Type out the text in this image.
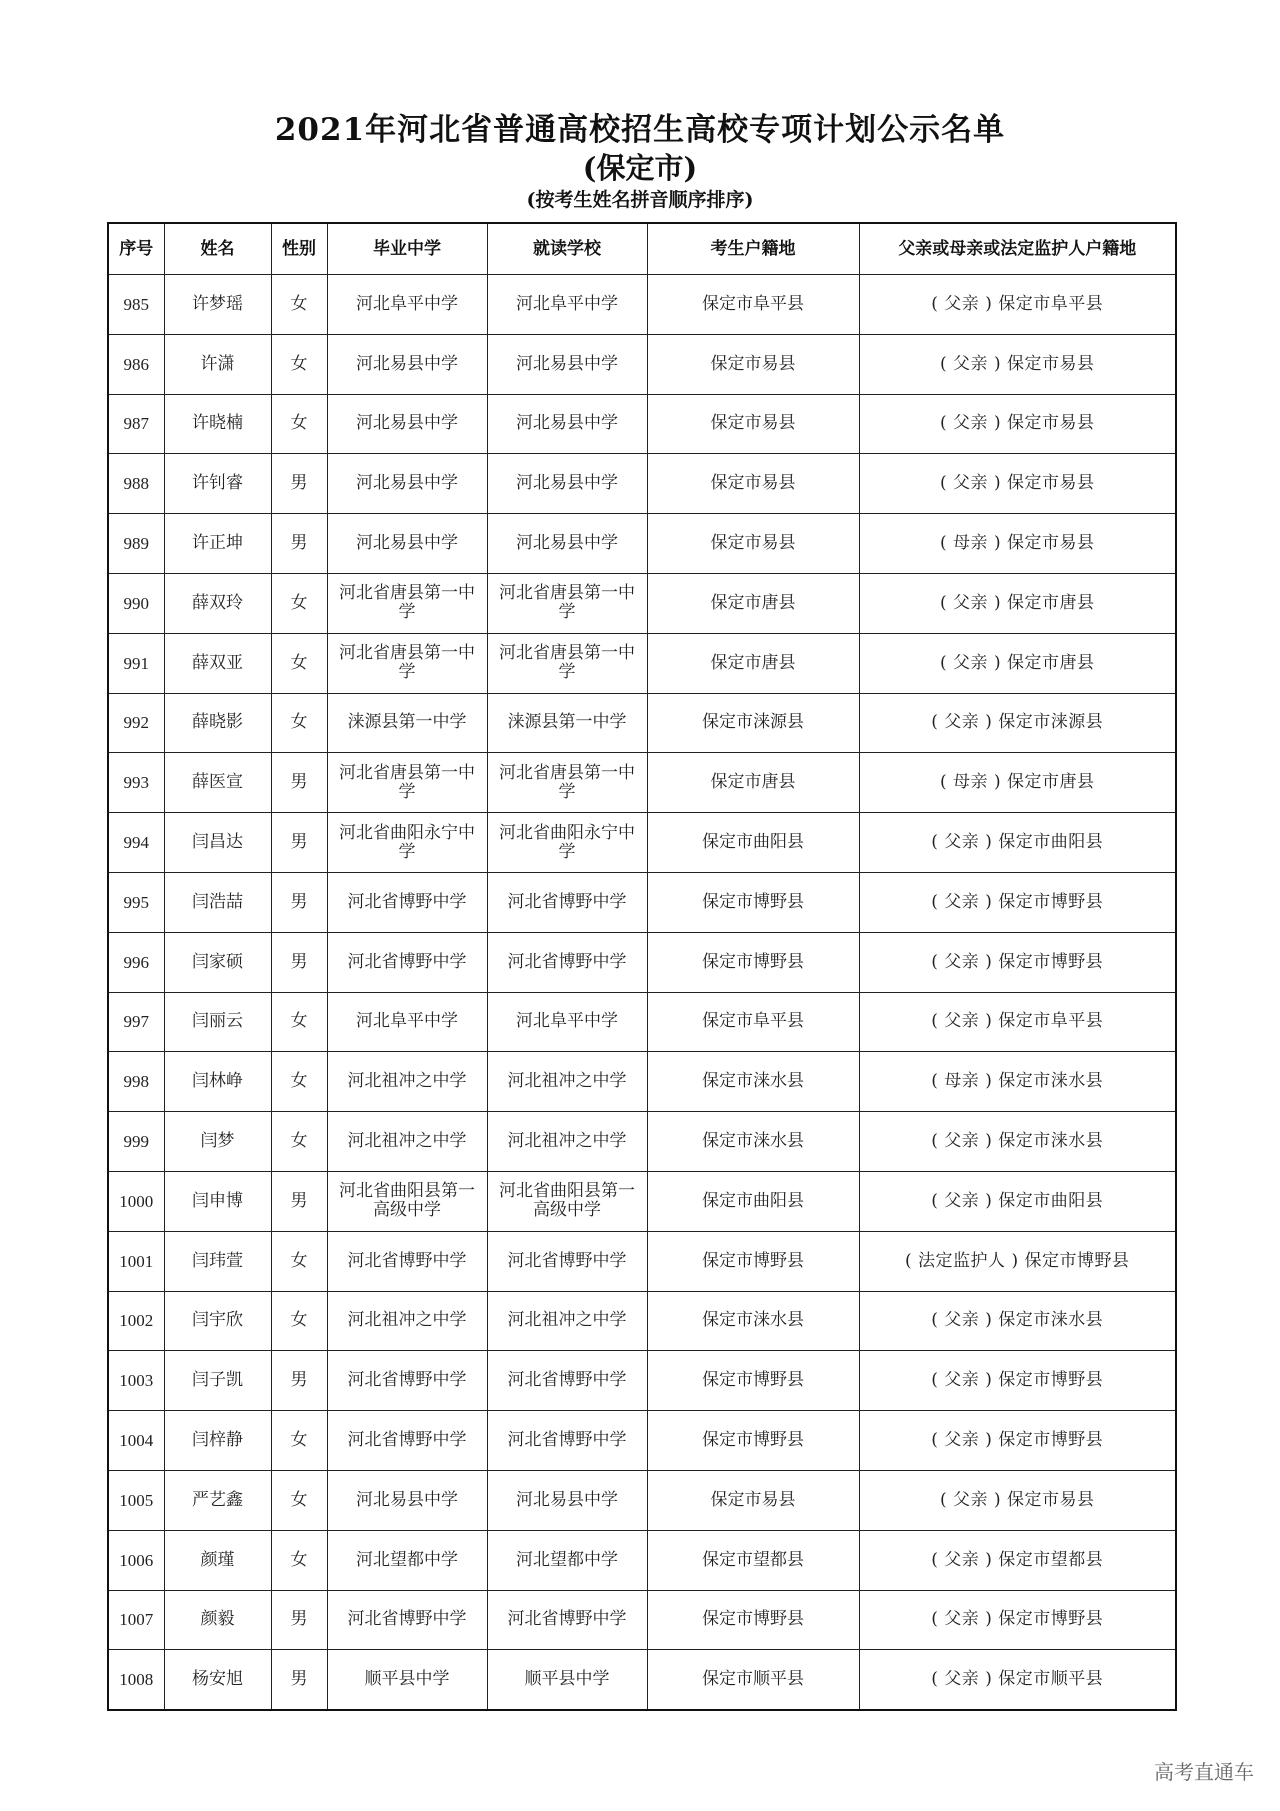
2021年河北省普通高校招生高校专项计划公示名单
(保定市)
(按考生姓名拼音顺序排序)
序号	姓名	性别	毕业中学	就读学校	考生户籍地	父亲或母亲或法定监护人户籍地
985	许梦瑶	女	河北阜平中学	河北阜平中学	保定市阜平县	( 父亲 ) 保定市阜平县
986	许潇	女	河北易县中学	河北易县中学	保定市易县	( 父亲 ) 保定市易县
987	许晓楠	女	河北易县中学	河北易县中学	保定市易县	( 父亲 ) 保定市易县
988	许钊睿	男	河北易县中学	河北易县中学	保定市易县	( 父亲 ) 保定市易县
989	许正坤	男	河北易县中学	河北易县中学	保定市易县	( 母亲 ) 保定市易县
990	薛双玲	女	河北省唐县第一中学	河北省唐县第一中学	保定市唐县	( 父亲 ) 保定市唐县
991	薛双亚	女	河北省唐县第一中学	河北省唐县第一中学	保定市唐县	( 父亲 ) 保定市唐县
992	薛晓影	女	涞源县第一中学	涞源县第一中学	保定市涞源县	( 父亲 ) 保定市涞源县
993	薛医宣	男	河北省唐县第一中学	河北省唐县第一中学	保定市唐县	( 母亲 ) 保定市唐县
994	闫昌达	男	河北省曲阳永宁中学	河北省曲阳永宁中学	保定市曲阳县	( 父亲 ) 保定市曲阳县
995	闫浩喆	男	河北省博野中学	河北省博野中学	保定市博野县	( 父亲 ) 保定市博野县
996	闫家硕	男	河北省博野中学	河北省博野中学	保定市博野县	( 父亲 ) 保定市博野县
997	闫丽云	女	河北阜平中学	河北阜平中学	保定市阜平县	( 父亲 ) 保定市阜平县
998	闫林峥	女	河北祖冲之中学	河北祖冲之中学	保定市涞水县	( 母亲 ) 保定市涞水县
999	闫梦	女	河北祖冲之中学	河北祖冲之中学	保定市涞水县	( 父亲 ) 保定市涞水县
1000	闫申博	男	河北省曲阳县第一高级中学	河北省曲阳县第一高级中学	保定市曲阳县	( 父亲 ) 保定市曲阳县
1001	闫玮萱	女	河北省博野中学	河北省博野中学	保定市博野县	( 法定监护人 ) 保定市博野县
1002	闫宇欣	女	河北祖冲之中学	河北祖冲之中学	保定市涞水县	( 父亲 ) 保定市涞水县
1003	闫子凯	男	河北省博野中学	河北省博野中学	保定市博野县	( 父亲 ) 保定市博野县
1004	闫梓静	女	河北省博野中学	河北省博野中学	保定市博野县	( 父亲 ) 保定市博野县
1005	严艺鑫	女	河北易县中学	河北易县中学	保定市易县	( 父亲 ) 保定市易县
1006	颜瑾	女	河北望都中学	河北望都中学	保定市望都县	( 父亲 ) 保定市望都县
1007	颜毅	男	河北省博野中学	河北省博野中学	保定市博野县	( 父亲 ) 保定市博野县
1008	杨安旭	男	顺平县中学	顺平县中学	保定市顺平县	( 父亲 ) 保定市顺平县
高考直通车
